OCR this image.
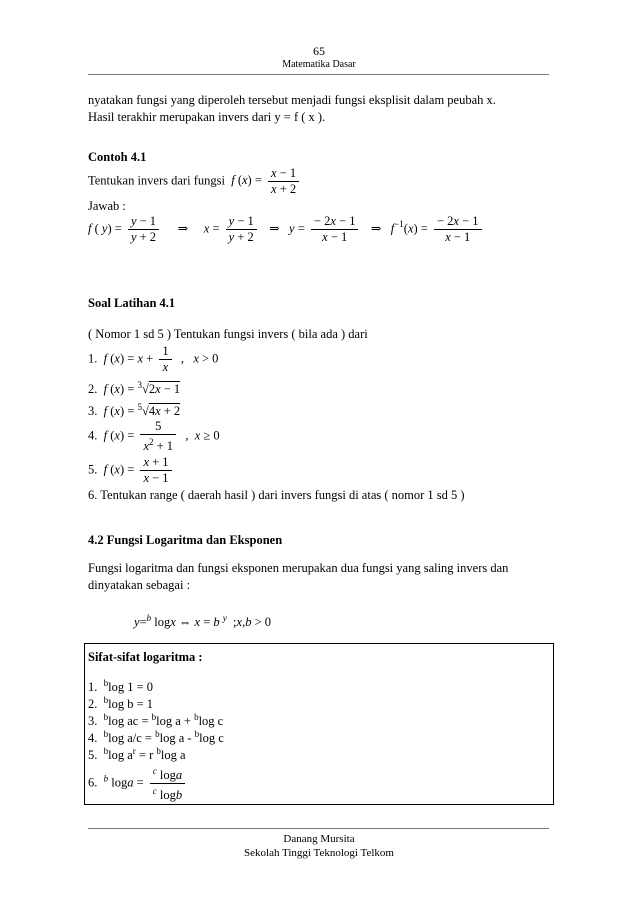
65
Matematika Dasar
nyatakan fungsi yang diperoleh tersebut menjadi fungsi eksplisit dalam peubah x.
Hasil terakhir merupakan invers dari y = f ( x ).
Contoh 4.1
Tentukan invers dari fungsi f $(x) = \frac{x - 1}{x + 2}$
Jawab :
f ( $y) = \frac{y - 1}{y + 2}$ ⇒     $x = \frac{y - 1}{y + 2}$ ⇒   $y = \frac{- 2x - 1}{x - 1}$ ⇒   $f^{-1}(x) = \frac{- 2x - 1}{x - 1}$
Soal Latihan 4.1
( Nomor 1 sd 5 ) Tentukan fungsi invers ( bila ada ) dari
1.  f $(x) = x + \frac{1}{x}$ ,   x > 0
2.  f (x) = $^3$√2x − 1
3.  f (x) = $^5$√4x + 2
4.  f $(x) = \frac{5}{x^2 + 1}$ ,  x ≥ 0
5.  f $(x) = \frac{x + 1}{x - 1}$
6. Tentukan range ( daerah hasil ) dari invers fungsi di atas ( nomor 1 sd 5 )
4.2 Fungsi Logaritma dan Eksponen
Fungsi logaritma dan fungsi eksponen merupakan dua fungsi yang saling invers dan
dinyatakan sebagai :
y=$^b$ logx ⇔ x = b $^y$  ;x,b > 0
Sifat-sifat logaritma :
1.  $^b$log 1 = 0
2.  $^b$log b = 1
3.  $^b$log ac = $^b$log a + $^b$log c
4.  $^b$log a/c = $^b$log a - $^b$log c
5.  $^b$log $a^r = r$ $^b$log a
6.  $^b$ $\log a = \frac{^c \log a}{^c \log b}$
Danang Mursita
Sekolah Tinggi Teknologi Telkom
